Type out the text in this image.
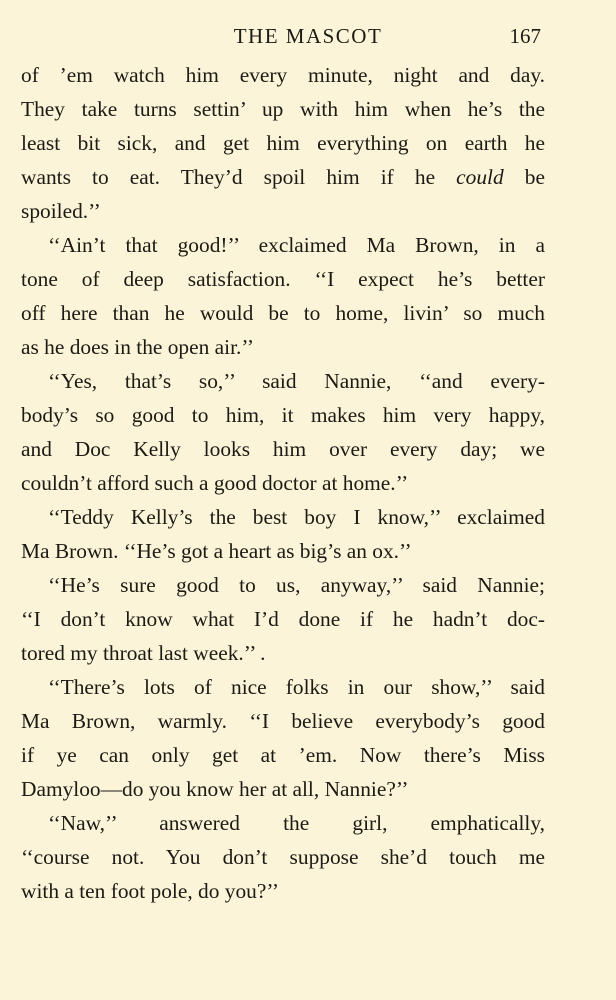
THE MASCOT	167
of ’em watch him every minute, night and day.
They take turns settin’ up with him when he’s the
least bit sick, and get him everything on earth he
wants to eat. They’d spoil him if he could be
spoiled.’’
‘‘Ain’t that good!’’ exclaimed Ma Brown, in a
tone of deep satisfaction. ‘‘I expect he’s better
off here than he would be to home, livin’ so much
as he does in the open air.’’
‘‘Yes, that’s so,’’ said Nannie, ‘‘and every-
body’s so good to him, it makes him very happy,
and Doc Kelly looks him over every day; we
couldn’t afford such a good doctor at home.’’
‘‘Teddy Kelly’s the best boy I know,’’ exclaimed
Ma Brown. ‘‘He’s got a heart as big’s an ox.’’
‘‘He’s sure good to us, anyway,’’ said Nannie;
‘‘I don’t know what I’d done if he hadn’t doc-
tored my throat last week.’’ .
‘‘There’s lots of nice folks in our show,’’ said
Ma Brown, warmly. ‘‘I believe everybody’s good
if ye can only get at ’em. Now there’s Miss
Damyloo—do you know her at all, Nannie?’’
‘‘Naw,’’ answered the girl, emphatically,
‘‘course not. You don’t suppose she’d touch me
with a ten foot pole, do you?’’
